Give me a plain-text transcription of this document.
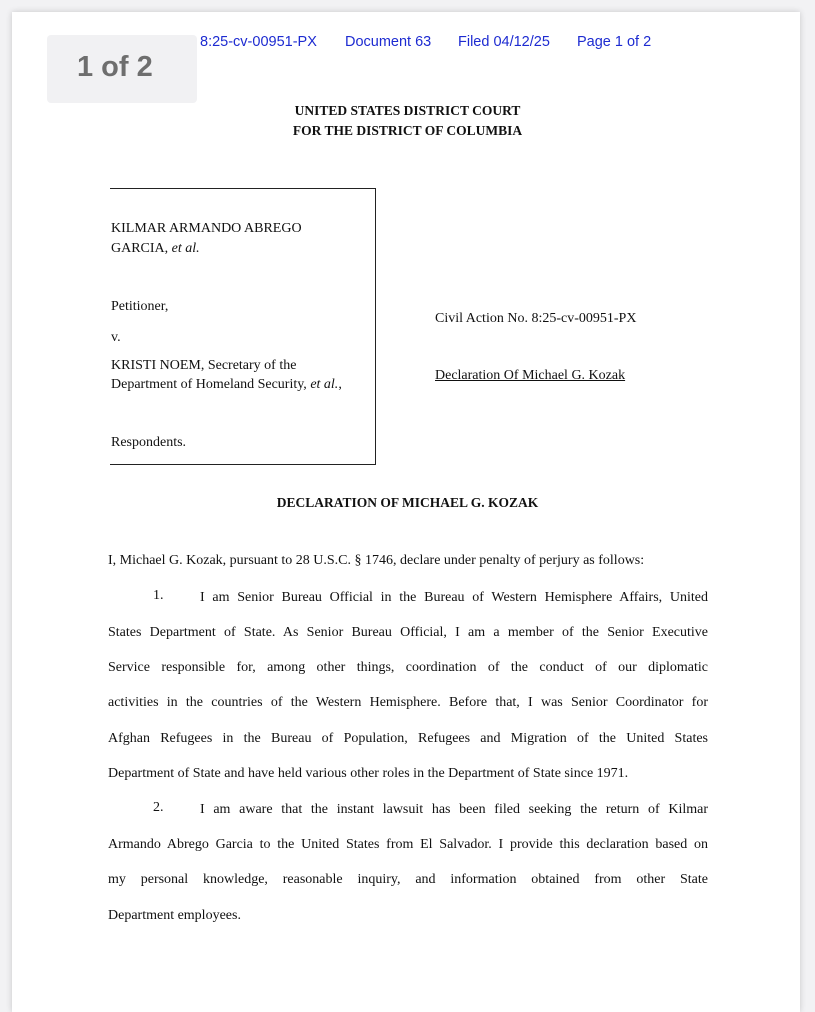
1 of 2
8:25-cv-00951-PX Document 63 Filed 04/12/25 Page 1 of 2
UNITED STATES DISTRICT COURT
FOR THE DISTRICT OF COLUMBIA
KILMAR ARMANDO ABREGO
GARCIA, et al.
Petitioner,
v.
KRISTI NOEM, Secretary of the
Department of Homeland Security, et al.,
Respondents.
Civil Action No. 8:25-cv-00951-PX
Declaration Of Michael G. Kozak
DECLARATION OF MICHAEL G. KOZAK
I, Michael G. Kozak, pursuant to 28 U.S.C. § 1746, declare under penalty of perjury as follows:
1.	I am Senior Bureau Official in the Bureau of Western Hemisphere Affairs, United
States Department of State. As Senior Bureau Official, I am a member of the Senior Executive
Service responsible for, among other things, coordination of the conduct of our diplomatic
activities in the countries of the Western Hemisphere. Before that, I was Senior Coordinator for
Afghan Refugees in the Bureau of Population, Refugees and Migration of the United States
Department of State and have held various other roles in the Department of State since 1971.
2.	I am aware that the instant lawsuit has been filed seeking the return of Kilmar
Armando Abrego Garcia to the United States from El Salvador. I provide this declaration based on
my personal knowledge, reasonable inquiry, and information obtained from other State
Department employees.
